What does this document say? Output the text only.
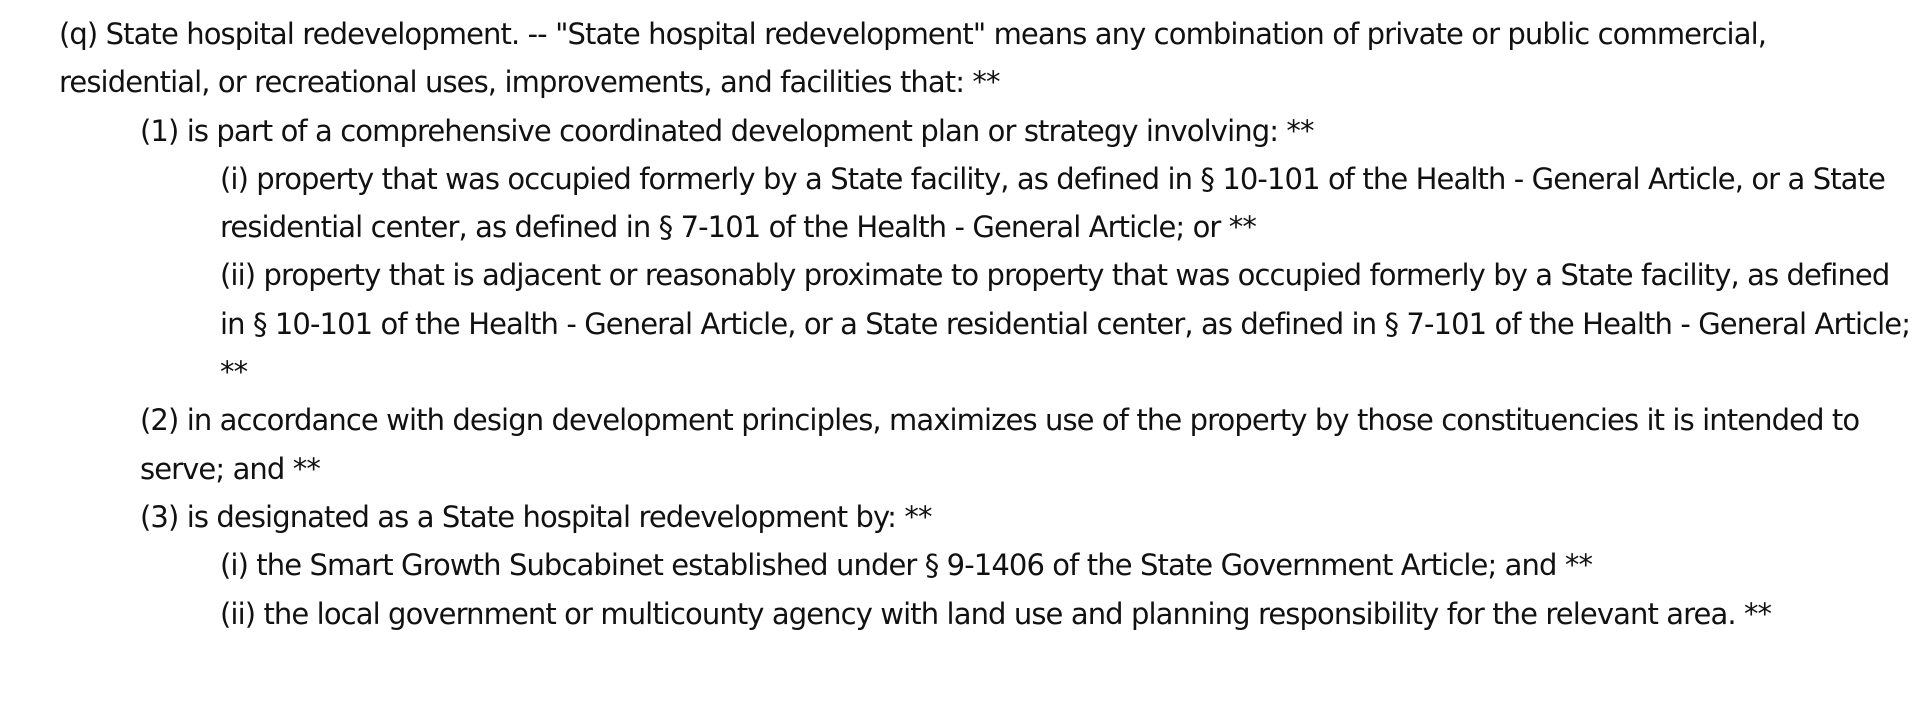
(q) State hospital redevelopment. -- "State hospital redevelopment" means any combination of private or public commercial, residential, or recreational uses, improvements, and facilities that: **

(1) is part of a comprehensive coordinated development plan or strategy involving: **

(i) property that was occupied formerly by a State facility, as defined in § 10-101 of the Health - General Article, or a State residential center, as defined in § 7-101 of the Health - General Article; or **

(ii) property that is adjacent or reasonably proximate to property that was occupied formerly by a State facility, as defined in § 10-101 of the Health - General Article, or a State residential center, as defined in § 7-101 of the Health - General Article; **

(2) in accordance with design development principles, maximizes use of the property by those constituencies it is intended to serve; and **

(3) is designated as a State hospital redevelopment by: **

(i) the Smart Growth Subcabinet established under § 9-1406 of the State Government Article; and **

(ii) the local government or multicounty agency with land use and planning responsibility for the relevant area. **
